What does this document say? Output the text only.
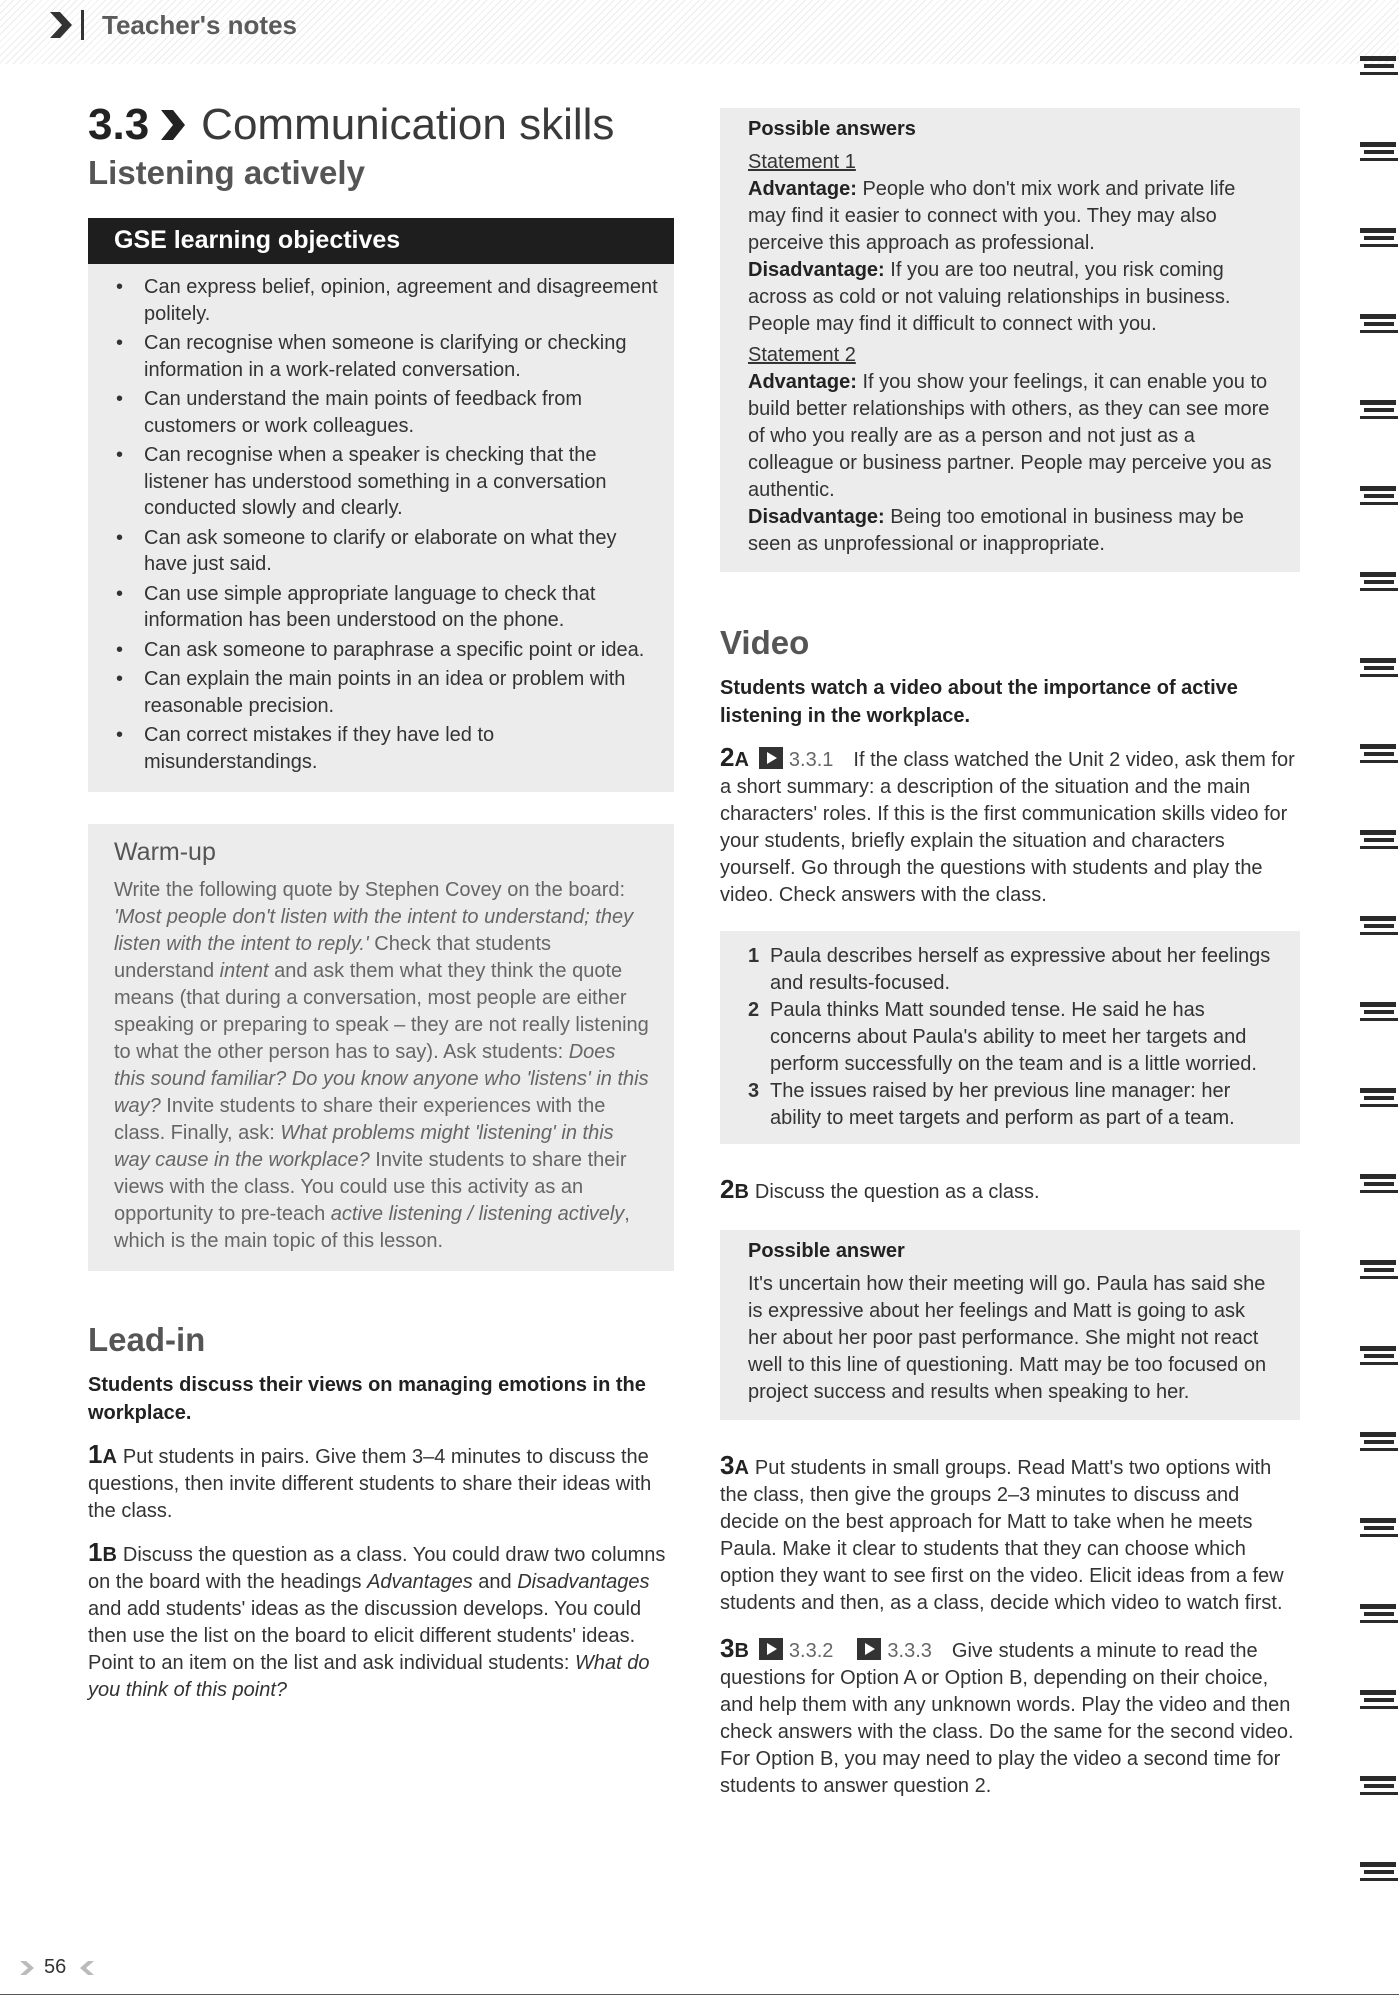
Teacher's notes
3.3 Communication skills
Listening actively
GSE learning objectives
• Can express belief, opinion, agreement and disagreement politely.
• Can recognise when someone is clarifying or checking information in a work-related conversation.
• Can understand the main points of feedback from customers or work colleagues.
• Can recognise when a speaker is checking that the listener has understood something in a conversation conducted slowly and clearly.
• Can ask someone to clarify or elaborate on what they have just said.
• Can use simple appropriate language to check that information has been understood on the phone.
• Can ask someone to paraphrase a specific point or idea.
• Can explain the main points in an idea or problem with reasonable precision.
• Can correct mistakes if they have led to misunderstandings.
Warm-up

Write the following quote by Stephen Covey on the board: 'Most people don't listen with the intent to understand; they listen with the intent to reply.' Check that students understand intent and ask them what they think the quote means (that during a conversation, most people are either speaking or preparing to speak – they are not really listening to what the other person has to say). Ask students: Does this sound familiar? Do you know anyone who 'listens' in this way? Invite students to share their experiences with the class. Finally, ask: What problems might 'listening' in this way cause in the workplace? Invite students to share their views with the class. You could use this activity as an opportunity to pre-teach active listening / listening actively, which is the main topic of this lesson.

Lead-in
Students discuss their views on managing emotions in the workplace.

1A Put students in pairs. Give them 3–4 minutes to discuss the questions, then invite different students to share their ideas with the class.

1B Discuss the question as a class. You could draw two columns on the board with the headings Advantages and Disadvantages and add students' ideas as the discussion develops. You could then use the list on the board to elicit different students' ideas. Point to an item on the list and ask individual students: What do you think of this point?

Possible answers
Statement 1

Advantage: People who don't mix work and private life may find it easier to connect with you. They may also perceive this approach as professional.

Disadvantage: If you are too neutral, you risk coming across as cold or not valuing relationships in business. People may find it difficult to connect with you.

Statement 2

Advantage: If you show your feelings, it can enable you to build better relationships with others, as they can see more of who you really are as a person and not just as a colleague or business partner. People may perceive you as authentic.

Disadvantage: Being too emotional in business may be seen as unprofessional or inappropriate.

Video
Students watch a video about the importance of active listening in the workplace.

2A 3.3.1 If the class watched the Unit 2 video, ask them for a short summary: a description of the situation and the main characters' roles. If this is the first communication skills video for your students, briefly explain the situation and characters yourself. Go through the questions with students and play the video. Check answers with the class.

1 Paula describes herself as expressive about her feelings and results-focused.
2 Paula thinks Matt sounded tense. He said he has concerns about Paula's ability to meet her targets and perform successfully on the team and is a little worried.
3 The issues raised by her previous line manager: her ability to meet targets and perform as part of a team.

2B Discuss the question as a class.

Possible answer

It's uncertain how their meeting will go. Paula has said she is expressive about her feelings and Matt is going to ask her about her poor past performance. She might not react well to this line of questioning. Matt may be too focused on project success and results when speaking to her.

3A Put students in small groups. Read Matt's two options with the class, then give the groups 2–3 minutes to discuss and decide on the best approach for Matt to take when he meets Paula. Make it clear to students that they can choose which option they want to see first on the video. Elicit ideas from a few students and then, as a class, decide which video to watch first.

3B 3.3.2	3.3.3 Give students a minute to read the questions for Option A or Option B, depending on their choice, and help them with any unknown words. Play the video and then check answers with the class. Do the same for the second video. For Option B, you may need to play the video a second time for students to answer question 2.

56
